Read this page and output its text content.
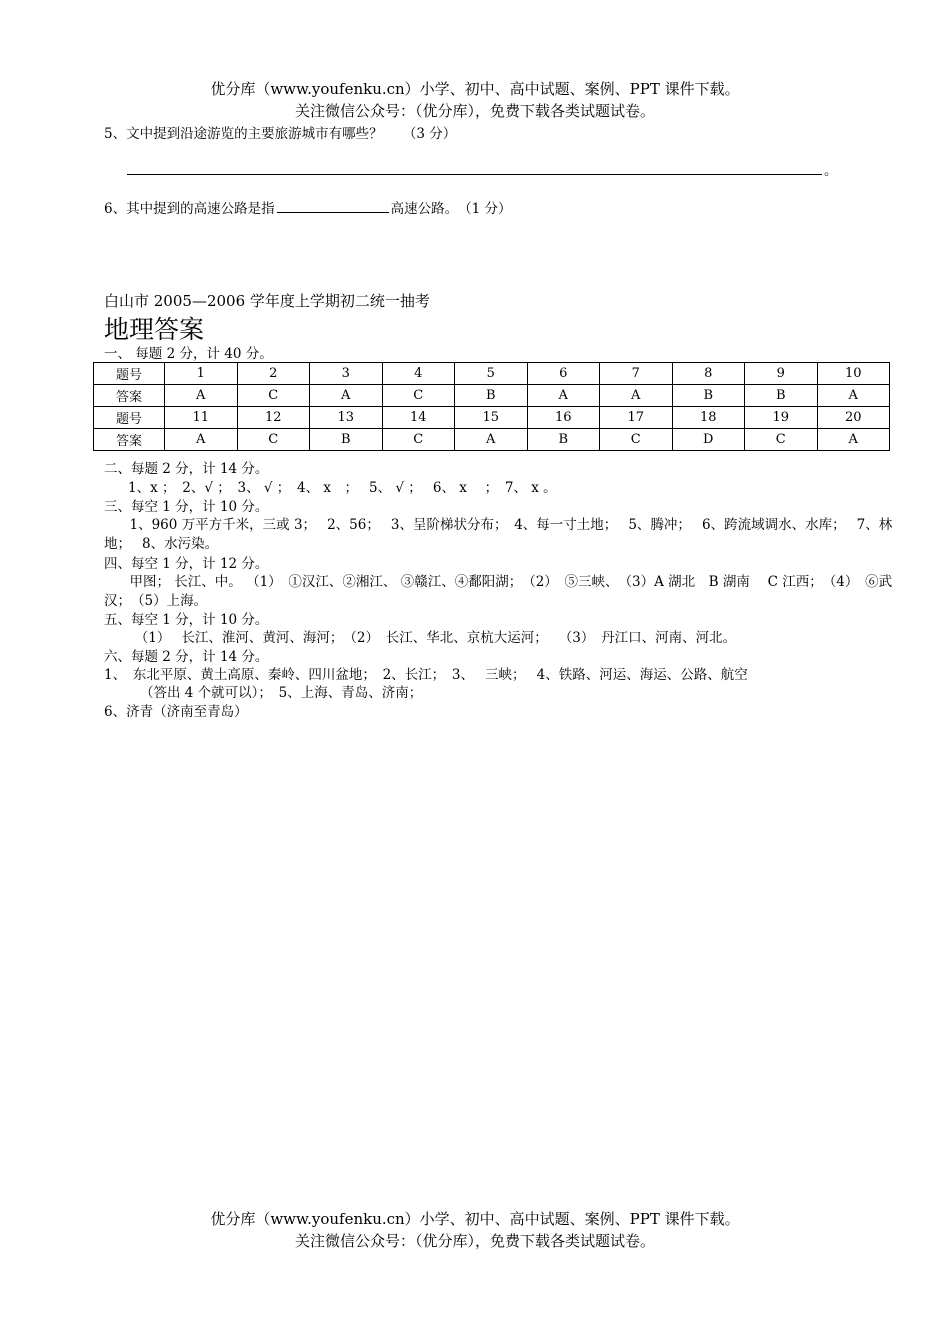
优分库（www.youfenku.cn）小学、初中、高中试题、案例、PPT 课件下载。
关注微信公众号：（优分库），免费下载各类试题试卷。
5、文中提到沿途游览的主要旅游城市有哪些？　　（3 分）
。
6、其中提到的高速公路是指	高速公路。　（1 分）
白山市 2005—2006 学年度上学期初二统一抽考
地理答案
一、 每题 2 分，计 40 分。
题号	1	2	3	4	5	6	7	8	9	10
答案	A	C	A	C	B	A	A	B	B	A
题号	11	12	13	14	15	16	17	18	19	20
答案	A	C	B	C	A	B	C	D	C	A
二、每题 2 分，计 14 分。
1、x ；　2、√ ；　3、 √ ；　4、 x　；　 5、 √ ；　 6、 x　 ；　7、 x 。
三、每空 1 分，计 10 分。
　1、960 万平方千米，三或 3；　 2、56；　 3、呈阶梯状分布；　4、每一寸土地；　 5、腾冲；　 6、跨流域调水、水库；　 7、林地；　 8、水污染。
四、每空 1 分，计 12 分。
　甲图； 长江、中。 （1）　①汉江、②湘江、 ③赣江、④鄱阳湖；　（2）　⑤三峡、　（3）A 湖北　B 湖南　 C 江西；　（4）　⑥武汉；　（5）上海。
五、每空 1 分，计 10 分。
　（1）　 长江、淮河、黄河、海河；　（2）　长江、华北、京杭大运河；　 （3）　丹江口、河南、河北。
六、每题 2 分，计 14 分。
1、　东北平原、黄土高原、秦岭、四川盆地；　2、长江；　3、　 三峡；　 4、铁路、河运、海运、公路、航空
（答出 4 个就可以）；　5、上海、青岛、济南；
6、济青（济南至青岛）
优分库（www.youfenku.cn）小学、初中、高中试题、案例、PPT 课件下载。
关注微信公众号：（优分库），免费下载各类试题试卷。
